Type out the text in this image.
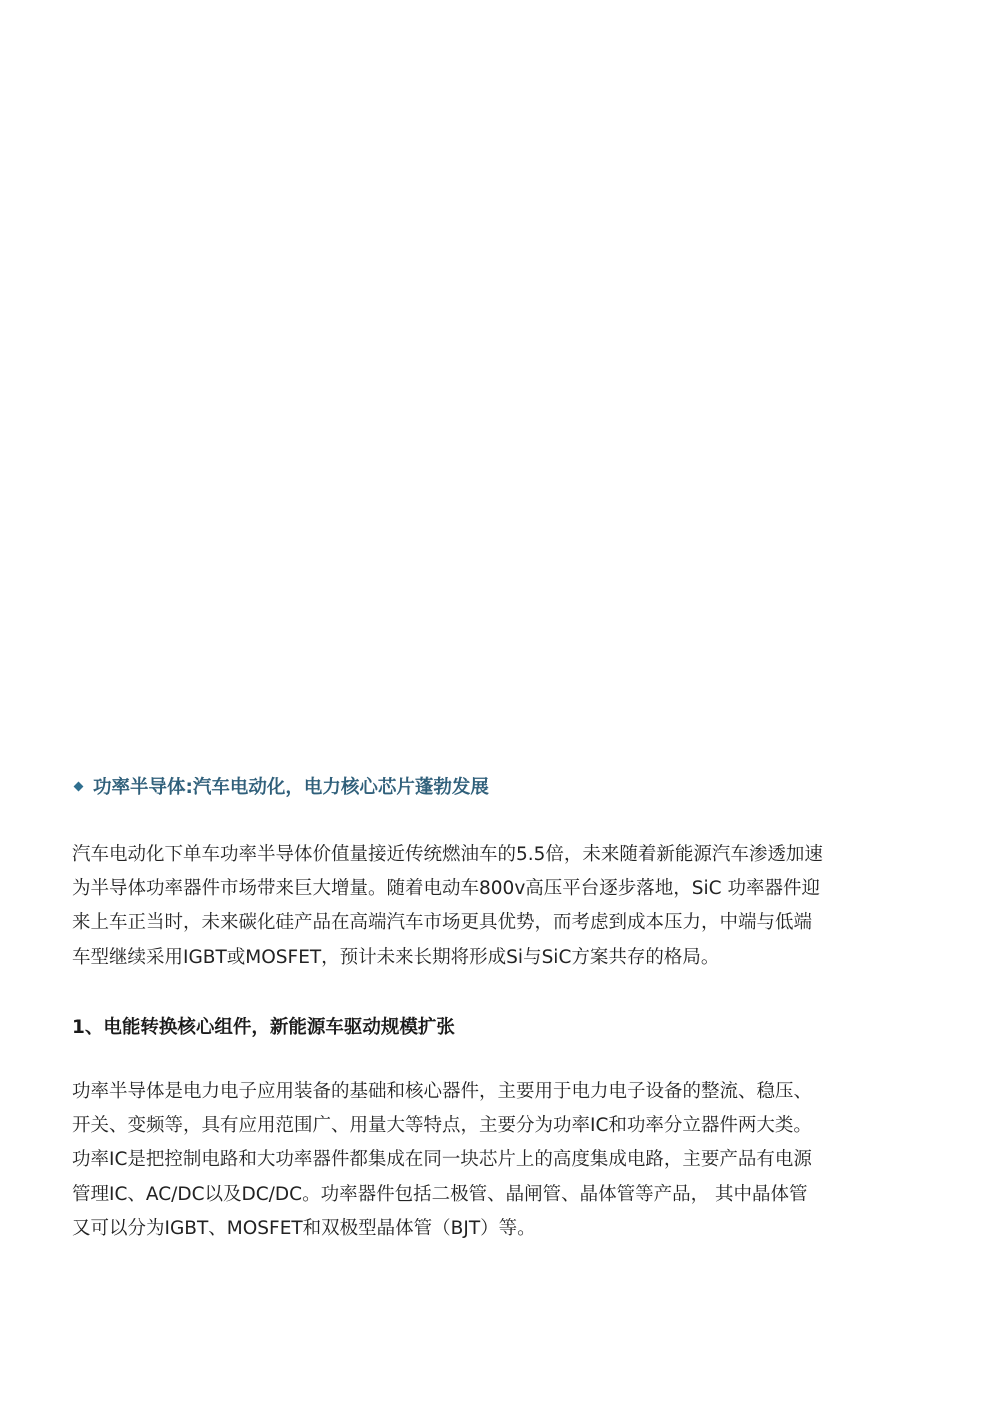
功率半导体:汽车电动化，电力核心芯片蓬勃发展
汽车电动化下单车功率半导体价值量接近传统燃油车的5.5倍，未来随着新能源汽车渗透加速
为半导体功率器件市场带来巨大增量。随着电动车800v高压平台逐步落地，SiC 功率器件迎
来上车正当时，未来碳化硅产品在高端汽车市场更具优势，而考虑到成本压力，中端与低端
车型继续采用IGBT或MOSFET，预计未来长期将形成Si与SiC方案共存的格局。
1、电能转换核心组件，新能源车驱动规模扩张
功率半导体是电力电子应用装备的基础和核心器件，主要用于电力电子设备的整流、稳压、
开关、变频等，具有应用范围广、用量大等特点，主要分为功率IC和功率分立器件两大类。
功率IC是把控制电路和大功率器件都集成在同一块芯片上的高度集成电路，主要产品有电源
管理IC、AC/DC以及DC/DC。功率器件包括二极管、晶闸管、晶体管等产品， 其中晶体管
又可以分为IGBT、MOSFET和双极型晶体管（BJT）等。
